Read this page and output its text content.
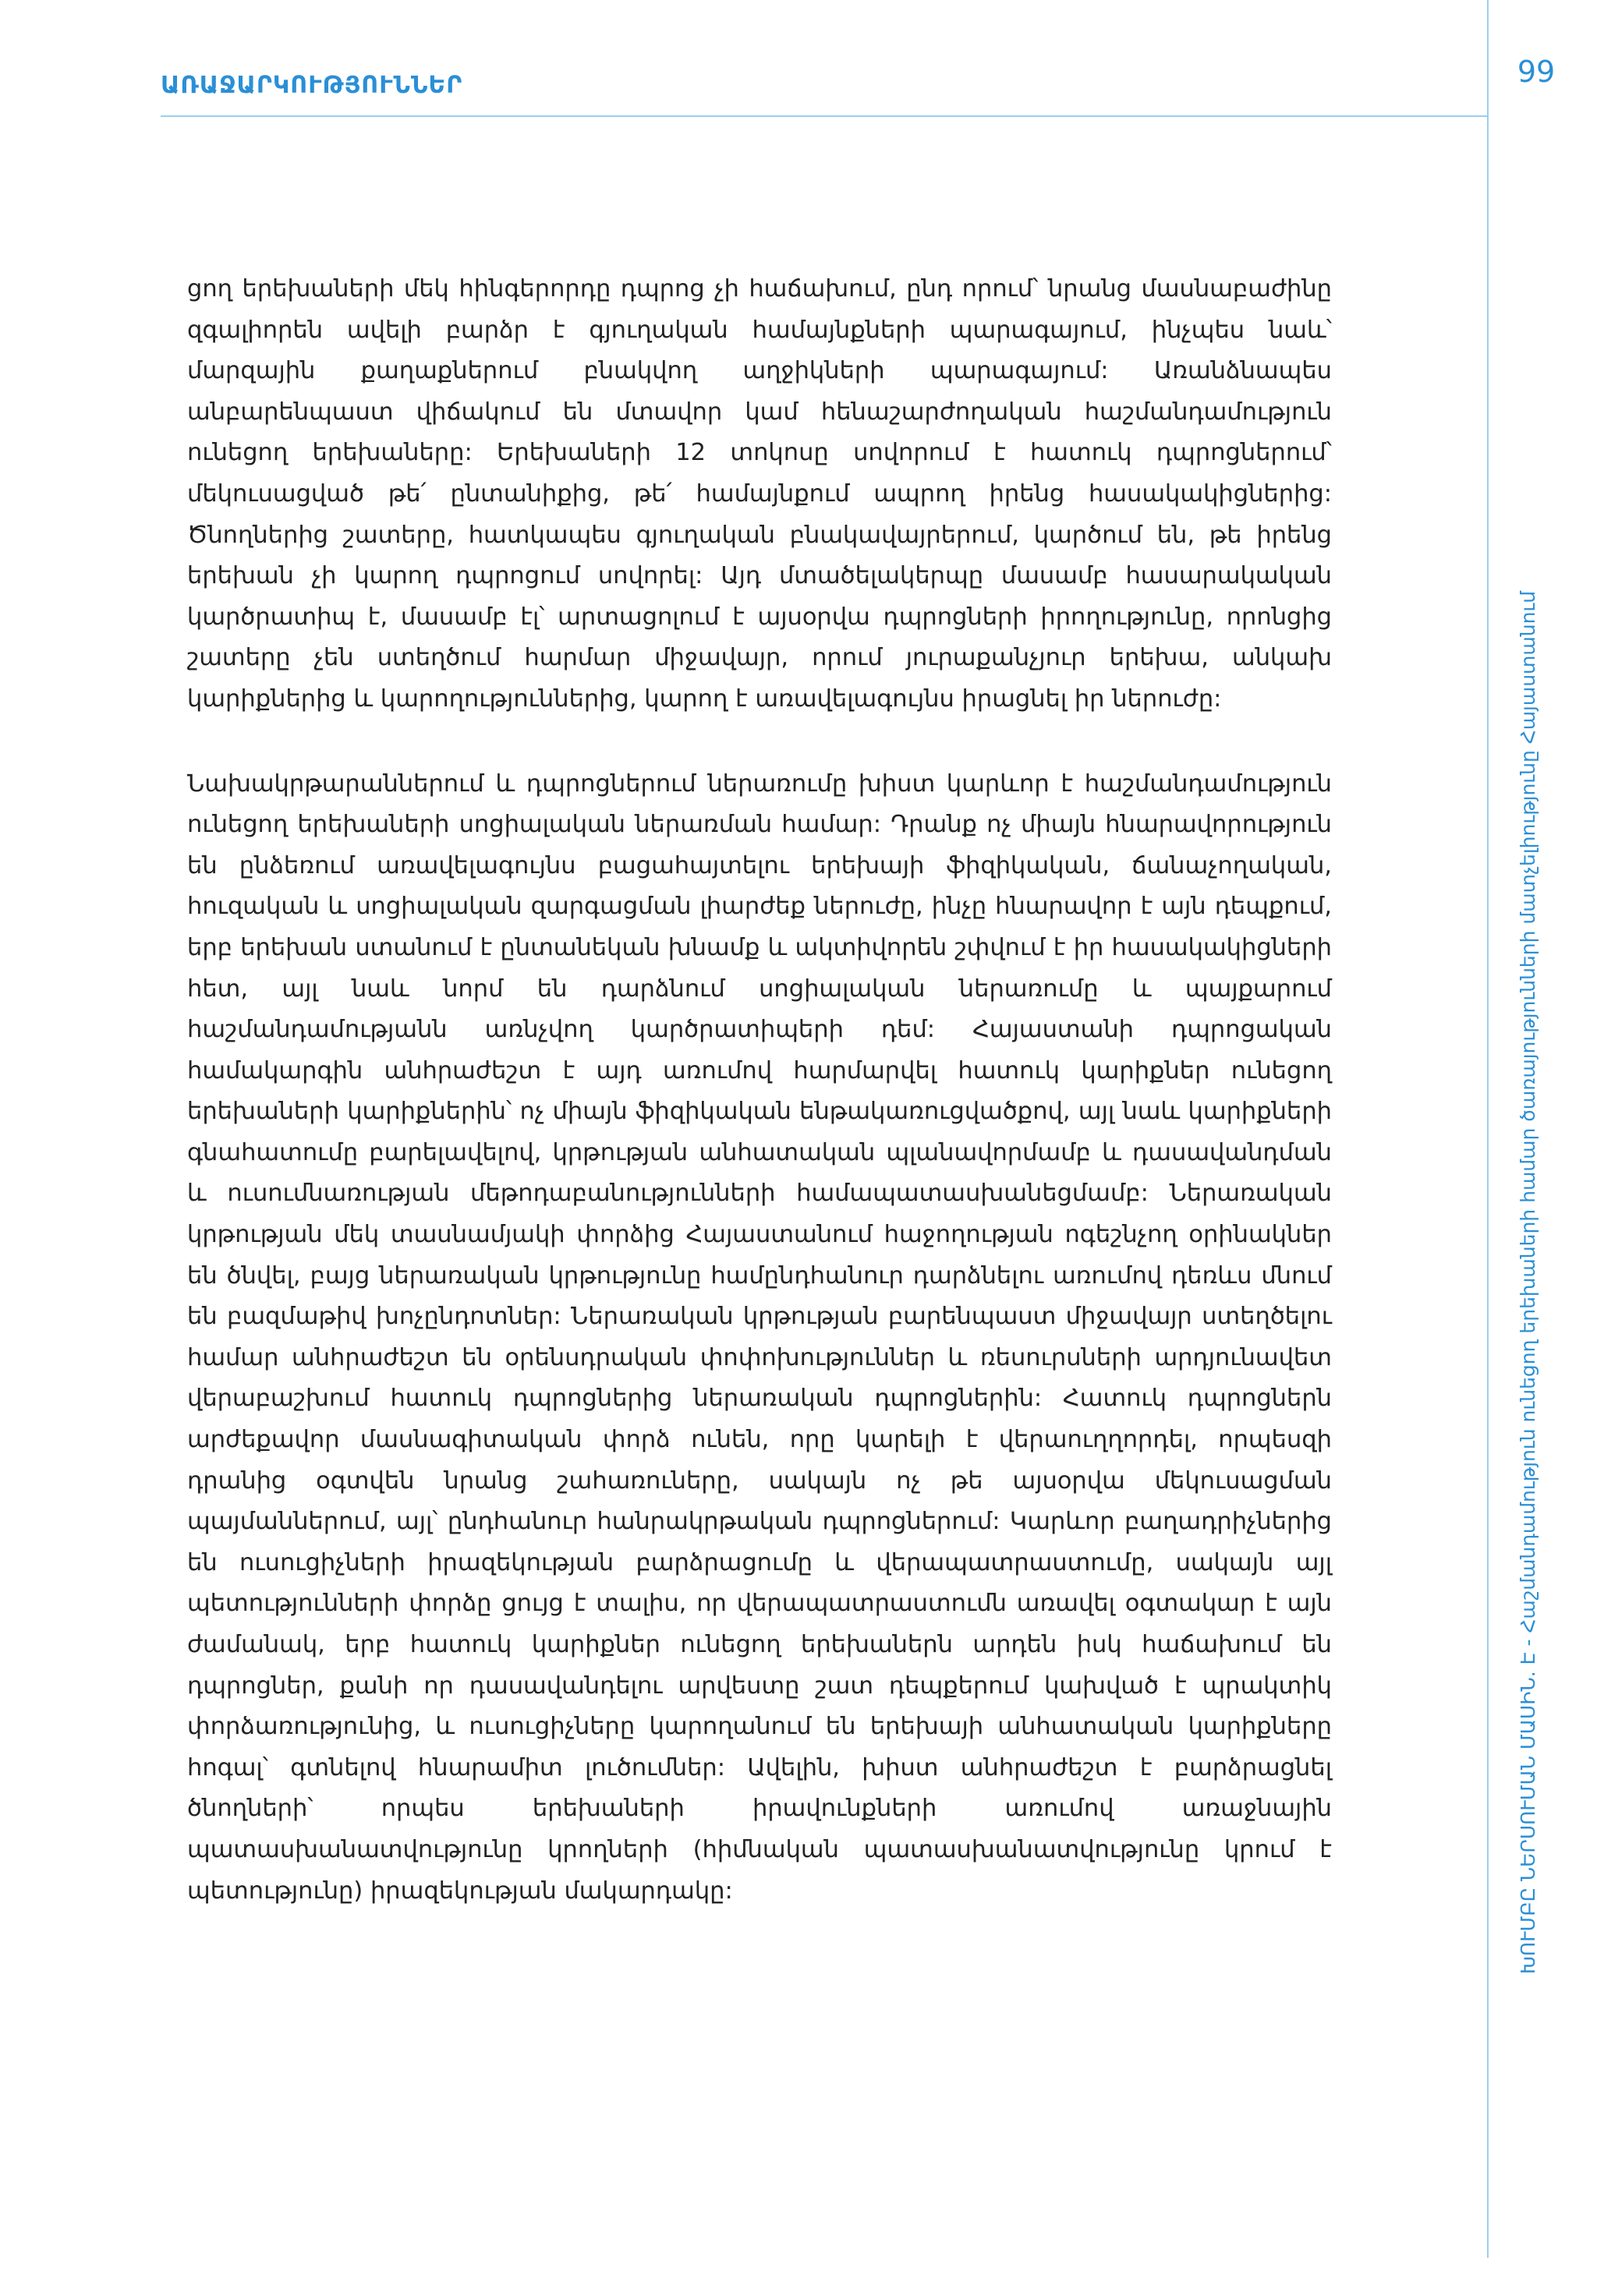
ԱՌԱՋԱՐԿՈՒԹՅՈՒՆՆԵՐ	99
ԽՈՒՄԲԸ ՆԵՐՍՈՒՄԱՆ ՄԱՍԻՆ. Է - Հաշմանդամություն ունեցող երեխաների համար ծառայությունների մատչելիությունը Հայաստանում

ցող երեխաների մեկ հինգերորդը դպրոց չի հաճախում, ընդ որում՝ նրանց մասնաբաժինը զգալիորեն ավելի բարձր է գյուղական համայնքների պարագայում, ինչպես նաև՝ մարզային քաղաքներում բնակվող աղջիկների պարագայում: Առանձնապես անբարենպաստ վիճակում են մտավոր կամ հենաշարժողական հաշմանդամություն ունեցող երեխաները: Երեխաների 12 տոկոսը սովորում է հատուկ դպրոցներում՝ մեկուսացված թե՛ ընտանիքից, թե՛ համայնքում ապրող իրենց հասակակիցներից: Ծնողներից շատերը, հատկապես գյուղական բնակավայրերում, կարծում են, թե իրենց երեխան չի կարող դպրոցում սովորել: Այդ մտածելակերպը մասամբ հասարակական կարծրատիպ է, մասամբ էլ՝ արտացոլում է այսօրվա դպրոցների իրողությունը, որոնցից շատերը չեն ստեղծում հարմար միջավայր, որում յուրաքանչյուր երեխա, անկախ կարիքներից և կարողություններից, կարող է առավելագույնս իրացնել իր ներուժը:

Նախակրթարաններում և դպրոցներում ներառումը խիստ կարևոր է հաշմանդամություն ունեցող երեխաների սոցիալական ներառման համար: Դրանք ոչ միայն հնարավորություն են ընձեռում առավելագույնս բացահայտելու երեխայի ֆիզիկական, ճանաչողական, հուզական և սոցիալական զարգացման լիարժեք ներուժը, ինչը հնարավոր է այն դեպքում, երբ երեխան ստանում է ընտանեկան խնամք և ակտիվորեն շփվում է իր հասակակիցների հետ, այլ նաև նորմ են դարձնում սոցիալական ներառումը և պայքարում հաշմանդամությանն առնչվող կարծրատիպերի դեմ: Հայաստանի դպրոցական համակարգին անհրաժեշտ է այդ առումով հարմարվել հատուկ կարիքներ ունեցող երեխաների կարիքներին՝ ոչ միայն ֆիզիկական ենթակառուցվածքով, այլ նաև կարիքների գնահատումը բարելավելով, կրթության անհատական պլանավորմամբ և դասավանդման և ուսումնառության մեթոդաբանությունների համապատասխանեցմամբ: Ներառական կրթության մեկ տասնամյակի փորձից Հայաստանում հաջողության ոգեշնչող օրինակներ են ծնվել, բայց ներառական կրթությունը համընդհանուր դարձնելու առումով դեռևս մնում են բազմաթիվ խոչընդոտներ: Ներառական կրթության բարենպաստ միջավայր ստեղծելու համար անհրաժեշտ են օրենսդրական փոփոխություններ և ռեսուրսների արդյունավետ վերաբաշխում հատուկ դպրոցներից ներառական դպրոցներին: Հատուկ դպրոցներն արժեքավոր մասնագիտական փորձ ունեն, որը կարելի է վերաուղղորդել, որպեսզի դրանից օգտվեն նրանց շահառուները, սակայն ոչ թե այսօրվա մեկուսացման պայմաններում, այլ՝ ընդհանուր հանրակրթական դպրոցներում: Կարևոր բաղադրիչներից են ուսուցիչների իրազեկության բարձրացումը և վերապատրաստումը, սակայն այլ պետությունների փորձը ցույց է տալիս, որ վերապատրաստումն առավել օգտակար է այն ժամանակ, երբ հատուկ կարիքներ ունեցող երեխաներն արդեն իսկ հաճախում են դպրոցներ, քանի որ դասավանդելու արվեստը շատ դեպքերում կախված է պրակտիկ փորձառությունից, և ուսուցիչները կարողանում են երեխայի անհատական կարիքները հոգալ՝ գտնելով հնարամիտ լուծումներ: Ավելին, խիստ անհրաժեշտ է բարձրացնել ծնողների՝ որպես երեխաների իրավունքների առումով առաջնային պատասխանատվությունը կրողների (հիմնական պատասխանատվությունը կրում է պետությունը) իրազեկության մակարդակը:
